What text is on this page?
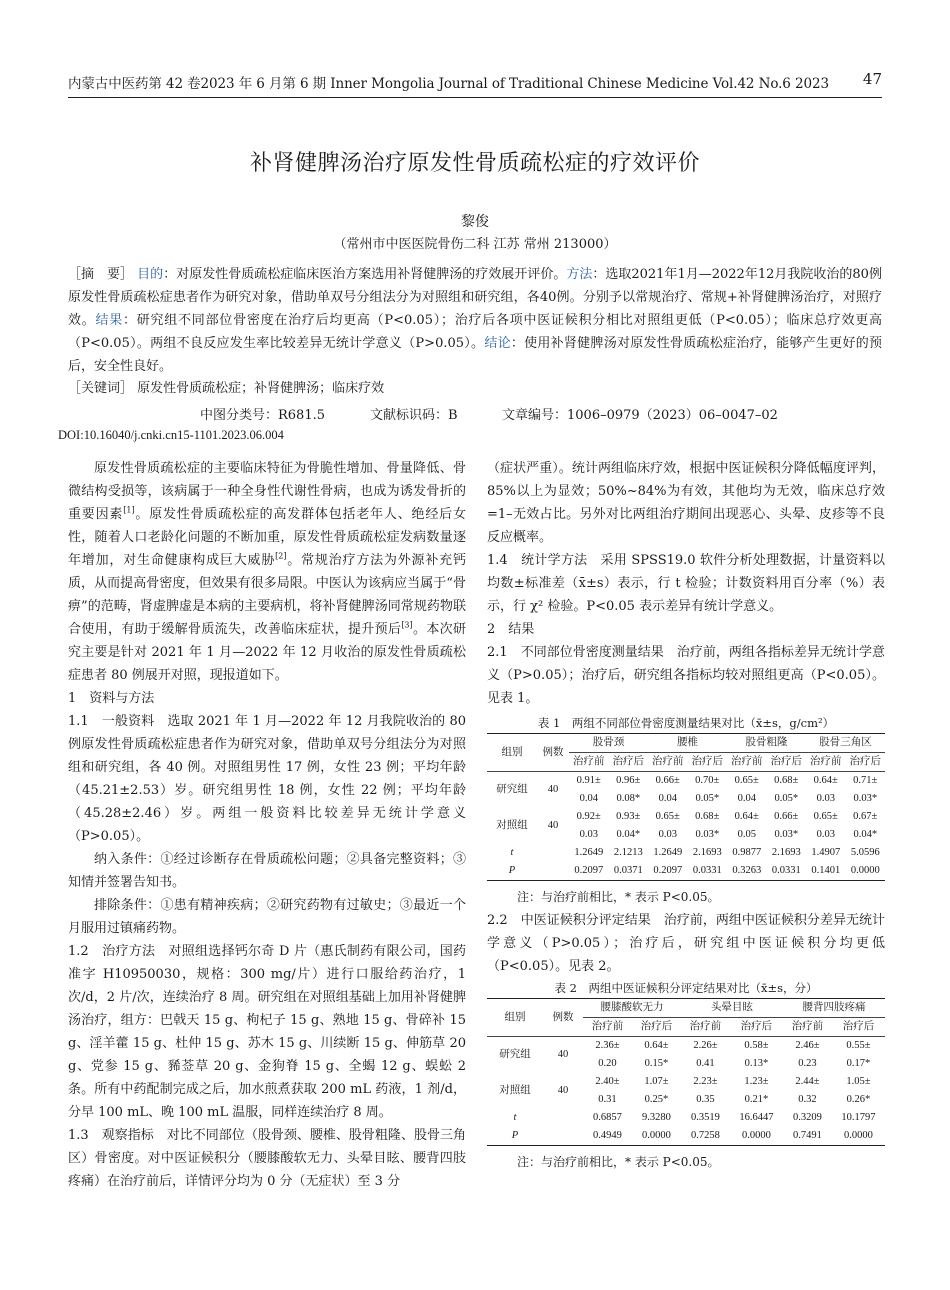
内蒙古中医药第 42 卷2023 年 6 月第 6 期 Inner Mongolia Journal of Traditional Chinese Medicine Vol.42 No.6 2023 47
补肾健脾汤治疗原发性骨质疏松症的疗效评价
黎俊
（常州市中医医院骨伤二科 江苏 常州 213000）
［摘　要］ 目的：对原发性骨质疏松症临床医治方案选用补肾健脾汤的疗效展开评价。方法：选取2021年1月—2022年12月我院收治的80例原发性骨质疏松症患者作为研究对象，借助单双号分组法分为对照组和研究组，各40例。分别予以常规治疗、常规+补肾健脾汤治疗，对照疗效。结果：研究组不同部位骨密度在治疗后均更高（P<0.05）；治疗后各项中医证候积分相比对照组更低（P<0.05）；临床总疗效更高（P<0.05）。两组不良反应发生率比较差异无统计学意义（P>0.05）。结论：使用补肾健脾汤对原发性骨质疏松症治疗，能够产生更好的预后，安全性良好。
［关键词］ 原发性骨质疏松症；补肾健脾汤；临床疗效
中图分类号：R681.5	文献标识码：B	文章编号：1006–0979（2023）06–0047–02
DOI:10.16040/j.cnki.cn15-1101.2023.06.004

原发性骨质疏松症的主要临床特征为骨脆性增加、骨量降低、骨微结构受损等，该病属于一种全身性代谢性骨病，也成为诱发骨折的重要因素[1]。原发性骨质疏松症的高发群体包括老年人、绝经后女性，随着人口老龄化问题的不断加重，原发性骨质疏松症发病数量逐年增加，对生命健康构成巨大威胁[2]。常规治疗方法为外源补充钙质，从而提高骨密度，但效果有很多局限。中医认为该病应当属于“骨痹”的范畴，肾虚脾虚是本病的主要病机，将补肾健脾汤同常规药物联合使用，有助于缓解骨质流失，改善临床症状，提升预后[3]。本次研究主要是针对 2021 年 1 月—2022 年 12 月收治的原发性骨质疏松症患者 80 例展开对照，现报道如下。

1　资料与方法

1.1　一般资料　选取 2021 年 1 月—2022 年 12 月我院收治的 80 例原发性骨质疏松症患者作为研究对象，借助单双号分组法分为对照组和研究组，各 40 例。对照组男性 17 例，女性 23 例；平均年龄（45.21±2.53）岁。研究组男性 18 例，女性 22 例；平均年龄（45.28±2.46）岁。两组一般资料比较差异无统计学意义（P>0.05）。

纳入条件：①经过诊断存在骨质疏松问题；②具备完整资料；③知情并签署告知书。

排除条件：①患有精神疾病；②研究药物有过敏史；③最近一个月服用过镇痛药物。

1.2　治疗方法　对照组选择钙尔奇 D 片（惠氏制药有限公司，国药准字 H10950030，规格：300 mg/片）进行口服给药治疗，1 次/d，2 片/次，连续治疗 8 周。研究组在对照组基础上加用补肾健脾汤治疗，组方：巴戟天 15 g、枸杞子 15 g、熟地 15 g、骨碎补 15 g、淫羊藿 15 g、杜仲 15 g、苏木 15 g、川续断 15 g、伸筋草 20 g、党参 15 g、豨莶草 20 g、金狗脊 15 g、全蝎 12 g、蜈蚣 2 条。所有中药配制完成之后，加水煎煮获取 200 mL 药液，1 剂/d，分早 100 mL、晚 100 mL 温服，同样连续治疗 8 周。

1.3　观察指标　对比不同部位（股骨颈、腰椎、股骨粗隆、股骨三角区）骨密度。对中医证候积分（腰膝酸软无力、头晕目眩、腰背四肢疼痛）在治疗前后，详情评分均为 0 分（无症状）至 3 分

（症状严重）。统计两组临床疗效，根据中医证候积分降低幅度评判，85%以上为显效；50%~84%为有效，其他均为无效，临床总疗效=1–无效占比。另外对比两组治疗期间出现恶心、头晕、皮疹等不良反应概率。

1.4　统计学方法　采用 SPSS19.0 软件分析处理数据，计量资料以均数±标准差（x̄±s）表示，行 t 检验；计数资料用百分率（%）表示，行 χ² 检验。P<0.05 表示差异有统计学意义。

2　结果

2.1　不同部位骨密度测量结果　治疗前，两组各指标差异无统计学意义（P>0.05）；治疗后，研究组各指标均较对照组更高（P<0.05）。见表 1。

表 1　两组不同部位骨密度测量结果对比（x̄±s，g/cm²）
组别	例数	股骨颈		腰椎		股骨粗隆		股骨三角区	
		治疗前	治疗后	治疗前	治疗后	治疗前	治疗后	治疗前	治疗后
研究组	40	0.91±	0.96±	0.66±	0.70±	0.65±	0.68±	0.64±	0.71±
		0.04	0.08*	0.04	0.05*	0.04	0.05*	0.03	0.03*
对照组	40	0.92±	0.93±	0.65±	0.68±	0.64±	0.66±	0.65±	0.67±
		0.03	0.04*	0.03	0.03*	0.05	0.03*	0.03	0.04*
t		1.2649	2.1213	1.2649	2.1693	0.9877	2.1693	1.4907	5.0596
P		0.2097	0.0371	0.2097	0.0331	0.3263	0.0331	0.1401	0.0000

注：与治疗前相比，* 表示 P<0.05。

2.2　中医证候积分评定结果　治疗前，两组中医证候积分差异无统计学意义（P>0.05）；治疗后，研究组中医证候积分均更低（P<0.05）。见表 2。

表 2　两组中医证候积分评定结果对比（x̄±s，分）
组别	例数	腰膝酸软无力		头晕目眩		腰背四肢疼痛	
		治疗前	治疗后	治疗前	治疗后	治疗前	治疗后
研究组	40	2.36±	0.64±	2.26±	0.58±	2.46±	0.55±
		0.20	0.15*	0.41	0.13*	0.23	0.17*
对照组	40	2.40±	1.07±	2.23±	1.23±	2.44±	1.05±
		0.31	0.25*	0.35	0.21*	0.32	0.26*
t		0.6857	9.3280	0.3519	16.6447	0.3209	10.1797
P		0.4949	0.0000	0.7258	0.0000	0.7491	0.0000

注：与治疗前相比，* 表示 P<0.05。
